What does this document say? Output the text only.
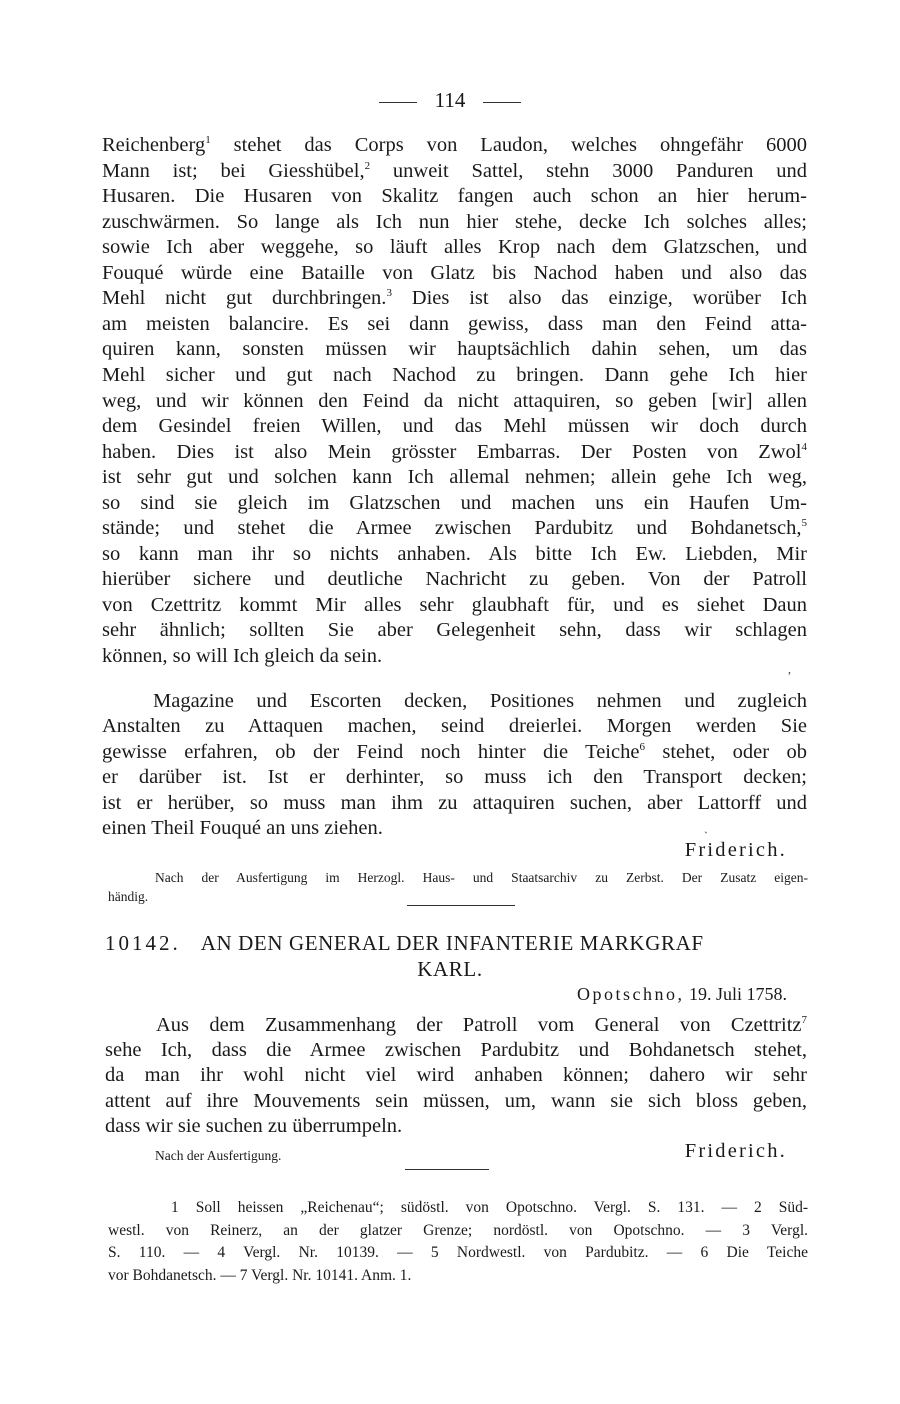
114
Reichenberg$^1$ stehet das Corps von Laudon, welches ohngefähr 6000
Mann ist; bei Giesshübel,$^2$ unweit Sattel, stehn 3000 Panduren und
Husaren. Die Husaren von Skalitz fangen auch schon an hier herum-
zuschwärmen. So lange als Ich nun hier stehe, decke Ich solches alles;
sowie Ich aber weggehe, so läuft alles Krop nach dem Glatzschen, und
Fouqué würde eine Bataille von Glatz bis Nachod haben und also das
Mehl nicht gut durchbringen.$^3$ Dies ist also das einzige, worüber Ich
am meisten balancire. Es sei dann gewiss, dass man den Feind atta-
quiren kann, sonsten müssen wir hauptsächlich dahin sehen, um das
Mehl sicher und gut nach Nachod zu bringen. Dann gehe Ich hier
weg, und wir können den Feind da nicht attaquiren, so geben [wir] allen
dem Gesindel freien Willen, und das Mehl müssen wir doch durch
haben. Dies ist also Mein grösster Embarras. Der Posten von Zwol$^4$
ist sehr gut und solchen kann Ich allemal nehmen; allein gehe Ich weg,
so sind sie gleich im Glatzschen und machen uns ein Haufen Um-
stände; und stehet die Armee zwischen Pardubitz und Bohdanetsch,$^5$
so kann man ihr so nichts anhaben. Als bitte Ich Ew. Liebden, Mir
hierüber sichere und deutliche Nachricht zu geben. Von der Patroll
von Czettritz kommt Mir alles sehr glaubhaft für, und es siehet Daun
sehr ähnlich; sollten Sie aber Gelegenheit sehn, dass wir schlagen
können, so will Ich gleich da sein.
Magazine und Escorten decken, Positiones nehmen und zugleich
Anstalten zu Attaquen machen, seind dreierlei. Morgen werden Sie
gewisse erfahren, ob der Feind noch hinter die Teiche$^6$ stehet, oder ob
er darüber ist. Ist er derhinter, so muss ich den Transport decken;
ist er herüber, so muss man ihm zu attaquiren suchen, aber Lattorff und
einen Theil Fouqué an uns ziehen.
Friderich.
Nach der Ausfertigung im Herzogl. Haus- und Staatsarchiv zu Zerbst. Der Zusatz eigen-
händig.
10142. AN DEN GENERAL DER INFANTERIE MARKGRAF
KARL.
Opotschno, 19. Juli 1758.
Aus dem Zusammenhang der Patroll vom General von Czettritz$^7$
sehe Ich, dass die Armee zwischen Pardubitz und Bohdanetsch stehet,
da man ihr wohl nicht viel wird anhaben können; dahero wir sehr
attent auf ihre Mouvements sein müssen, um, wann sie sich bloss geben,
dass wir sie suchen zu überrumpeln.
Nach der Ausfertigung.	Friderich.
1 Soll heissen „Reichenau“; südöstl. von Opotschno. Vergl. S. 131. — 2 Süd-
westl. von Reinerz, an der glatzer Grenze; nordöstl. von Opotschno. — 3 Vergl.
S. 110. — 4 Vergl. Nr. 10139. — 5 Nordwestl. von Pardubitz. — 6 Die Teiche
vor Bohdanetsch. — 7 Vergl. Nr. 10141. Anm. 1.
,
ˎ
